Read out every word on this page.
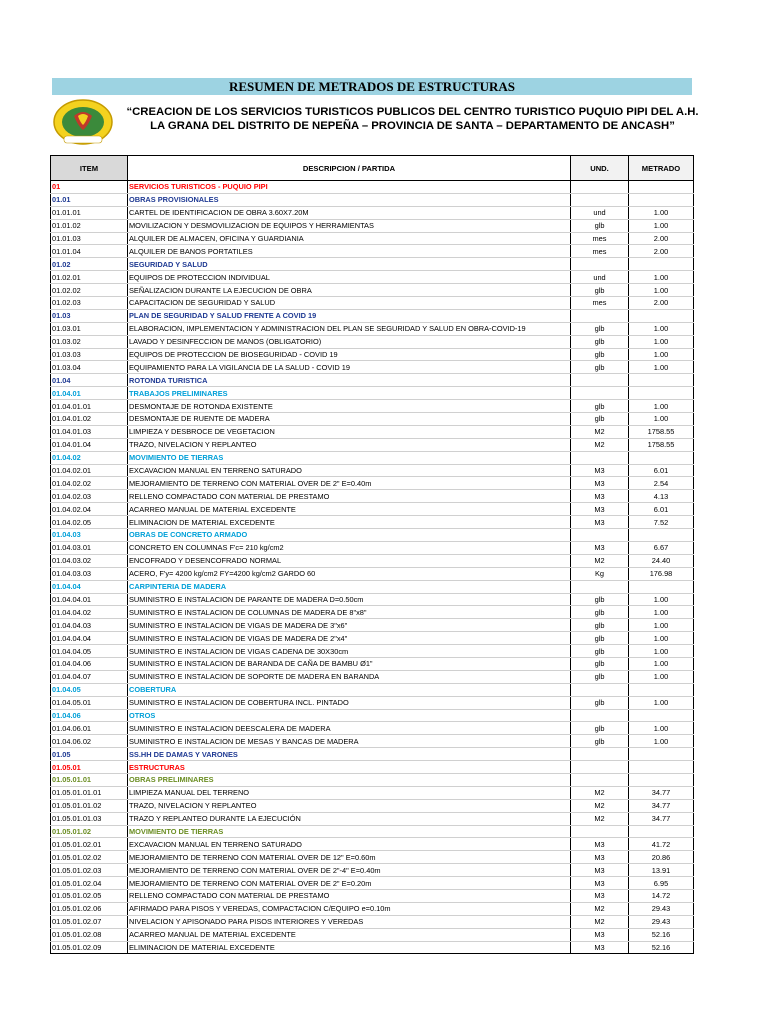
RESUMEN DE METRADOS DE ESTRUCTURAS
“CREACION DE LOS SERVICIOS TURISTICOS PUBLICOS DEL CENTRO TURISTICO PUQUIO PIPI DEL A.H.
LA GRANA DEL DISTRITO DE NEPEÑA – PROVINCIA DE SANTA – DEPARTAMENTO DE ANCASH”
ITEM	DESCRIPCION / PARTIDA	UND.	METRADO
01	SERVICIOS TURISTICOS - PUQUIO PIPI		
01.01	OBRAS PROVISIONALES		
01.01.01	CARTEL DE IDENTIFICACION DE OBRA 3.60X7.20M	und	1.00
01.01.02	MOVILIZACION Y DESMOVILIZACION DE EQUIPOS Y HERRAMIENTAS	glb	1.00
01.01.03	ALQUILER DE ALMACEN, OFICINA Y GUARDIANIA	mes	2.00
01.01.04	ALQUILER DE BANOS PORTATILES	mes	2.00
01.02	SEGURIDAD Y SALUD		
01.02.01	EQUIPOS DE PROTECCION INDIVIDUAL	und	1.00
01.02.02	SEÑALIZACION DURANTE LA EJECUCION DE OBRA	glb	1.00
01.02.03	CAPACITACION DE SEGURIDAD Y SALUD	mes	2.00
01.03	PLAN DE SEGURIDAD Y SALUD FRENTE A COVID 19		
01.03.01	ELABORACION, IMPLEMENTACION Y ADMINISTRACION DEL PLAN SE SEGURIDAD Y SALUD EN OBRA-COVID-19	glb	1.00
01.03.02	LAVADO Y DESINFECCION DE MANOS (OBLIGATORIO)	glb	1.00
01.03.03	EQUIPOS DE PROTECCION DE BIOSEGURIDAD - COVID 19	glb	1.00
01.03.04	EQUIPAMIENTO PARA LA VIGILANCIA DE LA SALUD - COVID 19	glb	1.00
01.04	ROTONDA TURISTICA		
01.04.01	TRABAJOS PRELIMINARES		
01.04.01.01	DESMONTAJE DE ROTONDA EXISTENTE	glb	1.00
01.04.01.02	DESMONTAJE DE RUENTE DE MADERA	glb	1.00
01.04.01.03	LIMPIEZA Y DESBROCE DE VEGETACION	M2	1758.55
01.04.01.04	TRAZO, NIVELACION Y REPLANTEO	M2	1758.55
01.04.02	MOVIMIENTO DE TIERRAS		
01.04.02.01	EXCAVACION MANUAL EN TERRENO SATURADO	M3	6.01
01.04.02.02	MEJORAMIENTO DE TERRENO CON MATERIAL OVER DE 2" E=0.40m	M3	2.54
01.04.02.03	RELLENO COMPACTADO CON MATERIAL DE PRESTAMO	M3	4.13
01.04.02.04	ACARREO MANUAL DE MATERIAL EXCEDENTE	M3	6.01
01.04.02.05	ELIMINACION DE MATERIAL EXCEDENTE	M3	7.52
01.04.03	OBRAS DE CONCRETO ARMADO		
01.04.03.01	CONCRETO EN COLUMNAS F'c= 210 kg/cm2	M3	6.67
01.04.03.02	ENCOFRADO Y DESENCOFRADO NORMAL	M2	24.40
01.04.03.03	ACERO, F'y= 4200 kg/cm2 FY=4200 kg/cm2 GARDO 60	Kg	176.98
01.04.04	CARPINTERIA DE MADERA		
01.04.04.01	SUMINISTRO E INSTALACION DE PARANTE DE MADERA D=0.50cm	glb	1.00
01.04.04.02	SUMINISTRO E INSTALACION DE COLUMNAS DE MADERA DE 8"x8"	glb	1.00
01.04.04.03	SUMINISTRO E INSTALACION DE VIGAS DE MADERA DE 3"x6"	glb	1.00
01.04.04.04	SUMINISTRO E INSTALACION DE VIGAS DE MADERA DE 2"x4"	glb	1.00
01.04.04.05	SUMINISTRO E INSTALACION DE VIGAS CADENA DE 30X30cm	glb	1.00
01.04.04.06	SUMINISTRO E INSTALACION DE BARANDA DE CAÑA DE BAMBU Ø1"	glb	1.00
01.04.04.07	SUMINISTRO E INSTALACION DE SOPORTE DE MADERA EN BARANDA	glb	1.00
01.04.05	COBERTURA		
01.04.05.01	SUMINISTRO E INSTALACION DE COBERTURA INCL. PINTADO	glb	1.00
01.04.06	OTROS		
01.04.06.01	SUMINISTRO E INSTALACION DEESCALERA DE MADERA	glb	1.00
01.04.06.02	SUMINISTRO E INSTALACION DE MESAS Y BANCAS DE MADERA	glb	1.00
01.05	SS.HH DE DAMAS Y VARONES		
01.05.01	ESTRUCTURAS		
01.05.01.01	OBRAS PRELIMINARES		
01.05.01.01.01	LIMPIEZA MANUAL DEL TERRENO	M2	34.77
01.05.01.01.02	TRAZO, NIVELACION Y REPLANTEO	M2	34.77
01.05.01.01.03	TRAZO Y REPLANTEO DURANTE LA EJECUCIÓN	M2	34.77
01.05.01.02	MOVIMIENTO DE TIERRAS		
01.05.01.02.01	EXCAVACION MANUAL EN TERRENO SATURADO	M3	41.72
01.05.01.02.02	MEJORAMIENTO DE TERRENO CON MATERIAL OVER DE 12" E=0.60m	M3	20.86
01.05.01.02.03	MEJORAMIENTO DE TERRENO CON MATERIAL OVER DE 2"-4" E=0.40m	M3	13.91
01.05.01.02.04	MEJORAMIENTO DE TERRENO CON MATERIAL OVER DE 2" E=0.20m	M3	6.95
01.05.01.02.05	RELLENO COMPACTADO CON MATERIAL DE PRESTAMO	M3	14.72
01.05.01.02.06	AFIRMADO PARA PISOS Y VEREDAS, COMPACTACION C/EQUIPO e=0.10m	M2	29.43
01.05.01.02.07	NIVELACION Y APISONADO PARA PISOS INTERIORES Y VEREDAS	M2	29.43
01.05.01.02.08	ACARREO MANUAL DE MATERIAL EXCEDENTE	M3	52.16
01.05.01.02.09	ELIMINACION DE MATERIAL EXCEDENTE	M3	52.16
